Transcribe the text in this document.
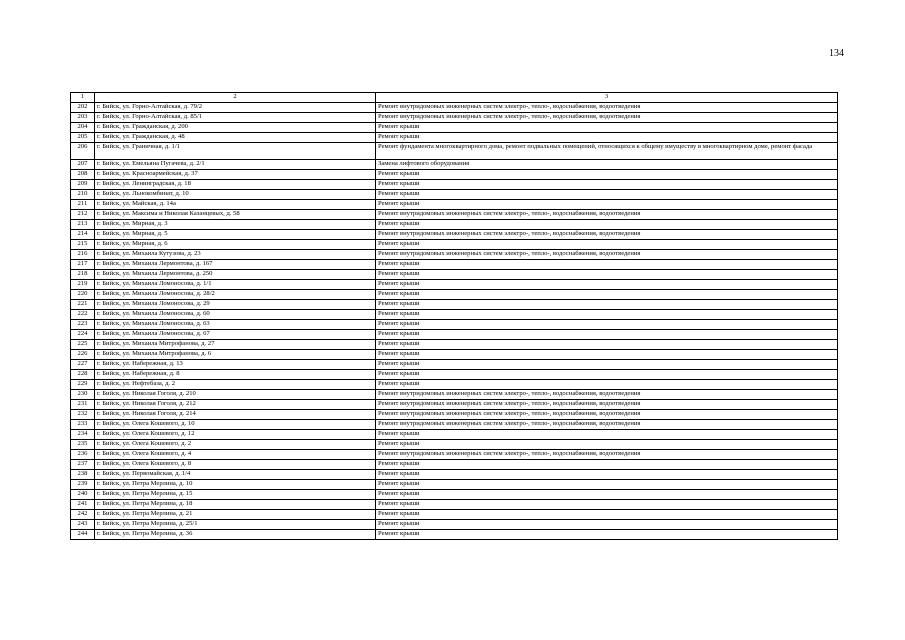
134
1	2	3
202	г. Бийск, ул. Горно-Алтайская, д. 79/2	Ремонт внутридомовых инженерных систем электро-, тепло-, водоснабжения, водоотведения
203	г. Бийск, ул. Горно-Алтайская, д. 85/1	Ремонт внутридомовых инженерных систем электро-, тепло-, водоснабжения, водоотведения
204	г. Бийск, ул. Гражданская, д. 200	Ремонт крыши
205	г. Бийск, ул. Гражданская, д. 48	Ремонт крыши
206	г. Бийск, ул. Граничная, д. 1/1	Ремонт фундамента многоквартирного дома, ремонт подвальных помещений, относящихся к общему имуществу в многоквартирном доме, ремонт фасада
207	г. Бийск, ул. Емельяна Пугачева, д. 2/1	Замена лифтового оборудования
208	г. Бийск, ул. Красноармейская, д. 37	Ремонт крыши
209	г. Бийск, ул. Ленинградская, д. 18	Ремонт крыши
210	г. Бийск, ул. Льнокомбинат, д. 10	Ремонт крыши
211	г. Бийск, ул. Майская, д. 14а	Ремонт крыши
212	г. Бийск, ул. Максима и Николая Казанцевых, д. 58	Ремонт внутридомовых инженерных систем электро-, тепло-, водоснабжения, водоотведения
213	г. Бийск, ул. Мирная, д. 3	Ремонт крыши
214	г. Бийск, ул. Мирная, д. 5	Ремонт внутридомовых инженерных систем электро-, тепло-, водоснабжения, водоотведения
215	г. Бийск, ул. Мирная, д. 6	Ремонт крыши
216	г. Бийск, ул. Михаила Кутузова, д. 23	Ремонт внутридомовых инженерных систем электро-, тепло-, водоснабжения, водоотведения
217	г. Бийск, ул. Михаила Лермонтова, д. 167	Ремонт крыши
218	г. Бийск, ул. Михаила Лермонтова, д. 250	Ремонт крыши
219	г. Бийск, ул. Михаила Ломоносова, д. 1/1	Ремонт крыши
220	г. Бийск, ул. Михаила Ломоносова, д. 28/2	Ремонт крыши
221	г. Бийск, ул. Михаила Ломоносова, д. 29	Ремонт крыши
222	г. Бийск, ул. Михаила Ломоносова, д. 60	Ремонт крыши
223	г. Бийск, ул. Михаила Ломоносова, д. 63	Ремонт крыши
224	г. Бийск, ул. Михаила Ломоносова, д. 67	Ремонт крыши
225	г. Бийск, ул. Михаила Митрофанова, д. 27	Ремонт крыши
226	г. Бийск, ул. Михаила Митрофанова, д. 6	Ремонт крыши
227	г. Бийск, ул. Набережная, д. 13	Ремонт крыши
228	г. Бийск, ул. Набережная, д. 8	Ремонт крыши
229	г. Бийск, ул. Нефтебаза, д. 2	Ремонт крыши
230	г. Бийск, ул. Николая Гоголя, д. 210	Ремонт внутридомовых инженерных систем электро-, тепло-, водоснабжения, водоотведения
231	г. Бийск, ул. Николая Гоголя, д. 212	Ремонт внутридомовых инженерных систем электро-, тепло-, водоснабжения, водоотведения
232	г. Бийск, ул. Николая Гоголя, д. 214	Ремонт внутридомовых инженерных систем электро-, тепло-, водоснабжения, водоотведения
233	г. Бийск, ул. Олега Кошевого, д. 10	Ремонт внутридомовых инженерных систем электро-, тепло-, водоснабжения, водоотведения
234	г. Бийск, ул. Олега Кошевого, д. 12	Ремонт крыши
235	г. Бийск, ул. Олега Кошевого, д. 2	Ремонт крыши
236	г. Бийск, ул. Олега Кошевого, д. 4	Ремонт внутридомовых инженерных систем электро-, тепло-, водоснабжения, водоотведения
237	г. Бийск, ул. Олега Кошевого, д. 8	Ремонт крыши
238	г. Бийск, ул. Первомайская, д. 1/4	Ремонт крыши
239	г. Бийск, ул. Петра Мерлина, д. 10	Ремонт крыши
240	г. Бийск, ул. Петра Мерлина, д. 15	Ремонт крыши
241	г. Бийск, ул. Петра Мерлина, д. 18	Ремонт крыши
242	г. Бийск, ул. Петра Мерлина, д. 21	Ремонт крыши
243	г. Бийск, ул. Петра Мерлина, д. 25/1	Ремонт крыши
244	г. Бийск, ул. Петра Мерлина, д. 36	Ремонт крыши
